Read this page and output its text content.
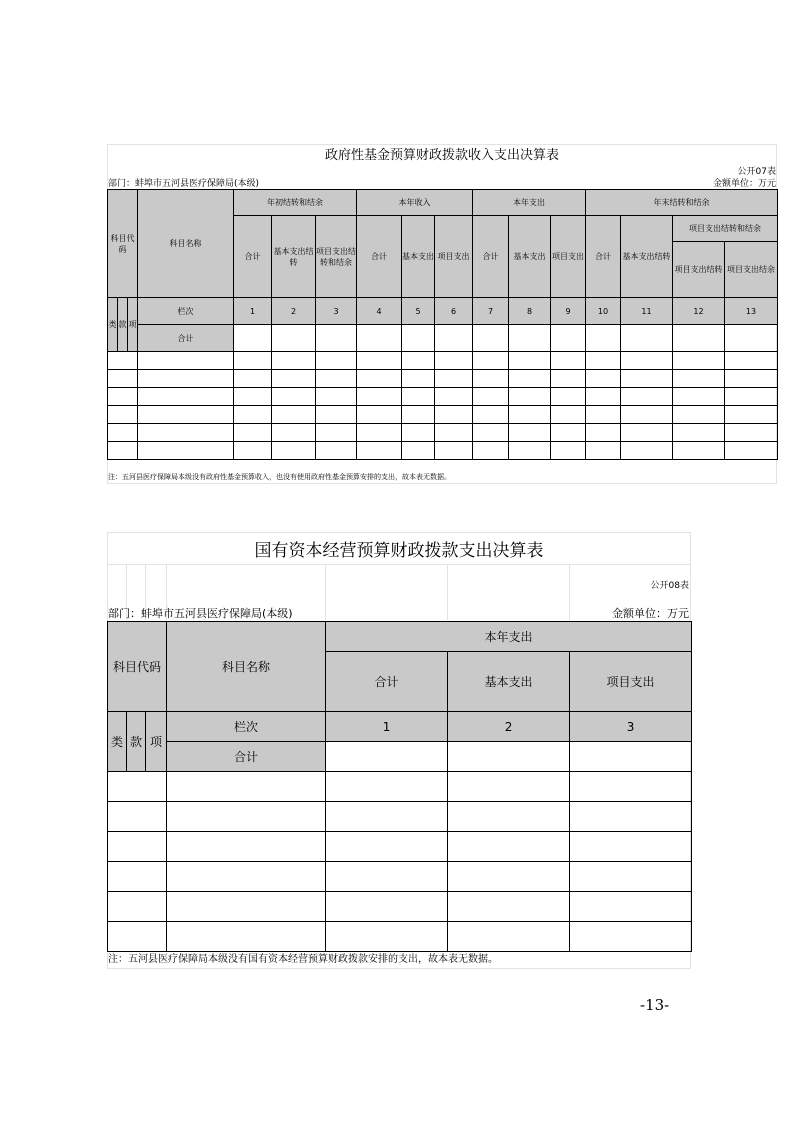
政府性基金预算财政拨款收入支出决算表
公开07表
部门：蚌埠市五河县医疗保障局(本级)	金额单位：万元
科目代码			科目名称	年初结转和结余			本年收入			本年支出			年末结转和结余			
				合计	基本支出结转	项目支出结转和结余	合计	基本支出	项目支出	合计	基本支出	项目支出	合计	基本支出结转	项目支出结转和结余	
															项目支出结转	项目支出结余
类	款	项	栏次	1	2	3	4	5	6	7	8	9	10	11	12	13
			合计													

注：五河县医疗保障局本级没有政府性基金预算收入，也没有使用政府性基金预算安排的支出，故本表无数据。
国有资本经营预算财政拨款支出决算表
公开08表
部门：蚌埠市五河县医疗保障局(本级)	金额单位：万元
科目代码			科目名称	本年支出		
				合计	基本支出	项目支出
类	款	项	栏次	1	2	3
			合计			

注：五河县医疗保障局本级没有国有资本经营预算财政拨款安排的支出，故本表无数据。
-13-
